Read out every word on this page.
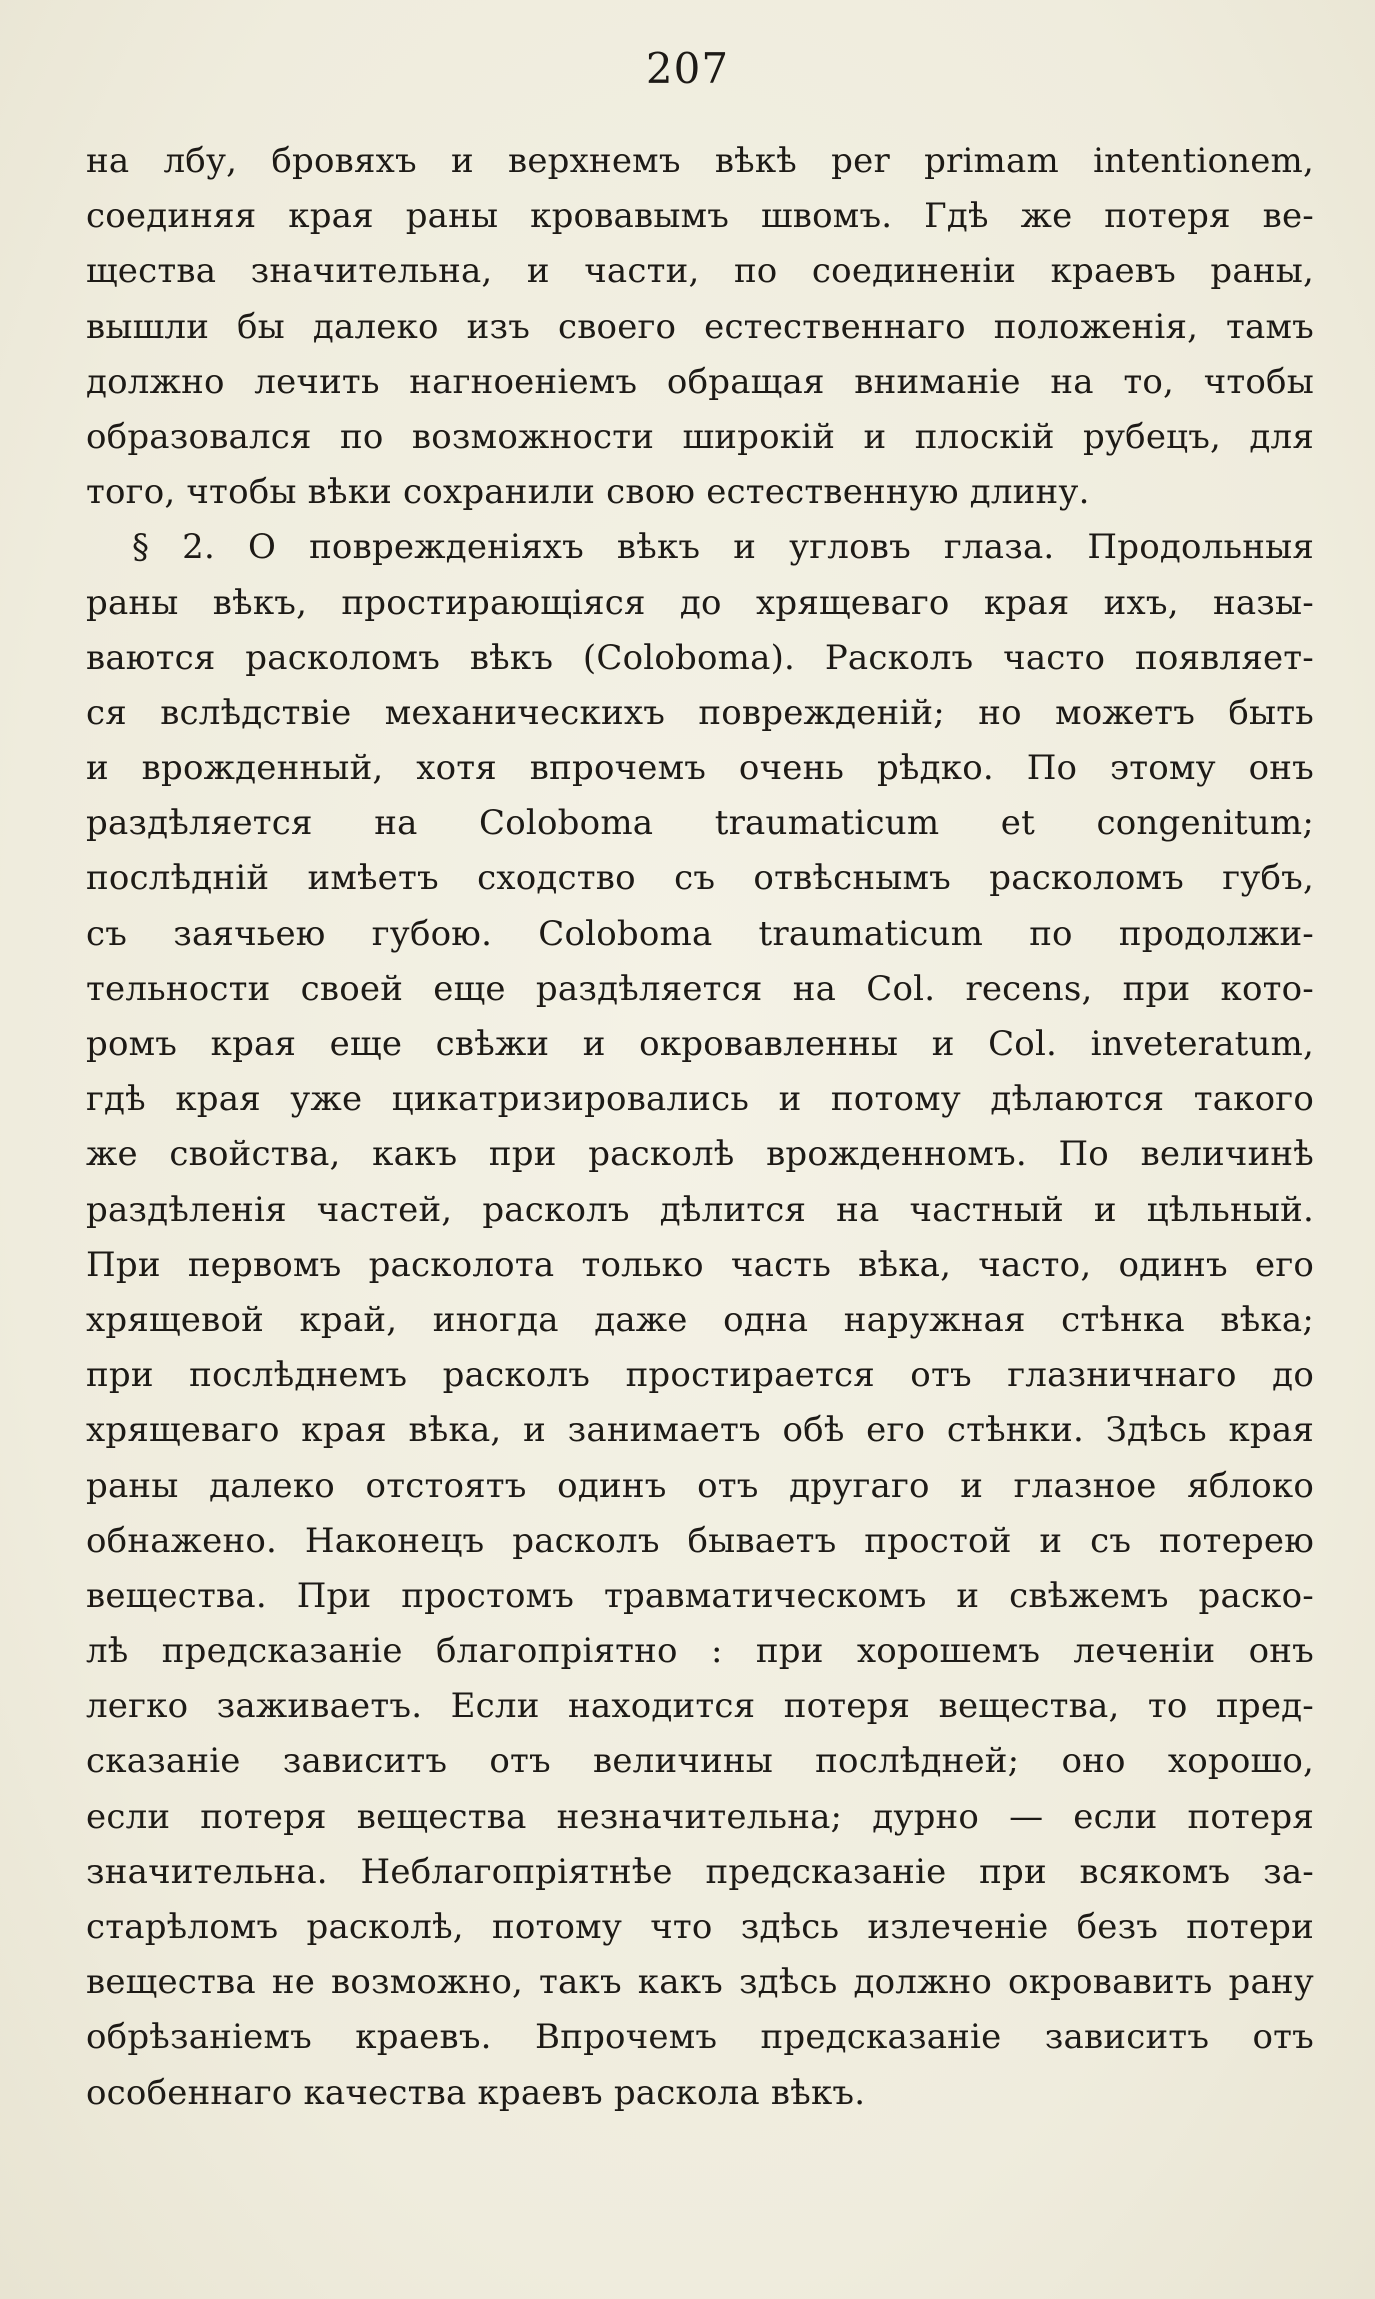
207
на лбу, бровяхъ и верхнемъ вѣкѣ per primam intentionem,
соединяя края раны кровавымъ швомъ. Гдѣ же потеря ве-
щества значительна, и части, по соединеніи краевъ раны,
вышли бы далеко изъ своего естественнаго положенія, тамъ
должно лечить нагноеніемъ обращая вниманіе на то, чтобы
образовался по возможности широкій и плоскій рубецъ, для
того, чтобы вѣки сохранили свою естественную длину.
§ 2. О поврежденіяхъ вѣкъ и угловъ глаза. Продольныя
раны вѣкъ, простирающіяся до хрящеваго края ихъ, назы-
ваются расколомъ вѣкъ (Coloboma). Расколъ часто появляет-
ся вслѣдствіе механическихъ поврежденій; но можетъ быть
и врожденный, хотя впрочемъ очень рѣдко. По этому онъ
раздѣляется на Coloboma traumaticum et congenitum;
послѣдній имѣетъ сходство съ отвѣснымъ расколомъ губъ,
съ заячьею губою. Coloboma traumaticum по продолжи-
тельности своей еще раздѣляется на Col. recens, при кото-
ромъ края еще свѣжи и окровавленны и Col. inveteratum,
гдѣ края уже цикатризировались и потому дѣлаются такого
же свойства, какъ при расколѣ врожденномъ. По величинѣ
раздѣленія частей, расколъ дѣлится на частный и цѣльный.
При первомъ расколота только часть вѣка, часто, одинъ его
хрящевой край, иногда даже одна наружная стѣнка вѣка;
при послѣднемъ расколъ простирается отъ глазничнаго до
хрящеваго края вѣка, и занимаетъ обѣ его стѣнки. Здѣсь края
раны далеко отстоятъ одинъ отъ другаго и глазное яблоко
обнажено. Наконецъ расколъ бываетъ простой и съ потерею
вещества. При простомъ травматическомъ и свѣжемъ раско-
лѣ предсказаніе благопріятно : при хорошемъ леченіи онъ
легко заживаетъ. Если находится потеря вещества, то пред-
сказаніе зависитъ отъ величины послѣдней; оно хорошо,
если потеря вещества незначительна; дурно — если потеря
значительна. Неблагопріятнѣе предсказаніе при всякомъ за-
старѣломъ расколѣ, потому что здѣсь излеченіе безъ потери
вещества не возможно, такъ какъ здѣсь должно окровавить рану
обрѣзаніемъ краевъ. Впрочемъ предсказаніе зависитъ отъ
особеннаго качества краевъ раскола вѣкъ.
